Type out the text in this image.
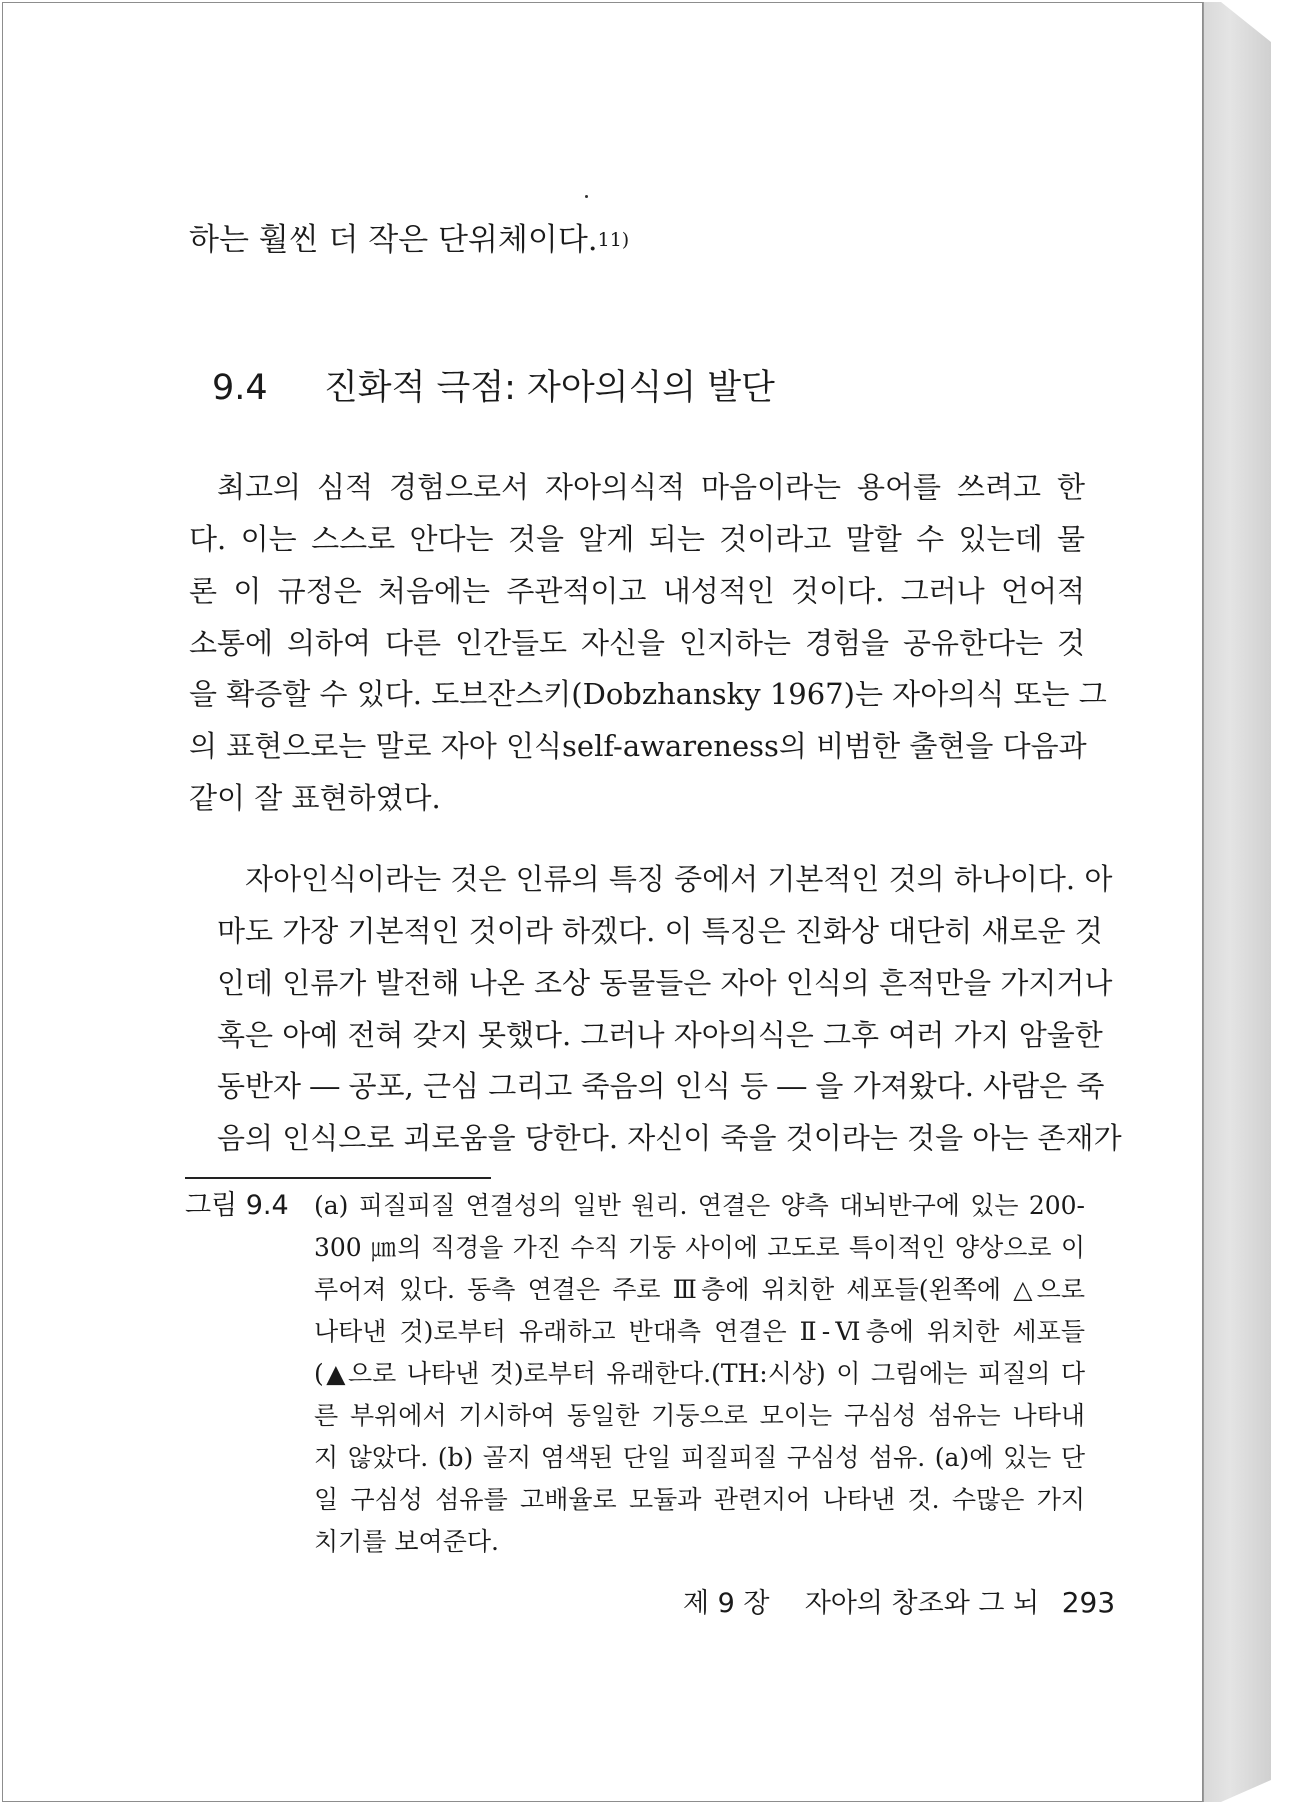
하는 훨씬 더 작은 단위체이다.$^{11)}$
9.4 진화적 극점: 자아의식의 발단
최고의 심적 경험으로서 자아의식적 마음이라는 용어를 쓰려고 한
다. 이는 스스로 안다는 것을 알게 되는 것이라고 말할 수 있는데 물
론 이 규정은 처음에는 주관적이고 내성적인 것이다. 그러나 언어적
소통에 의하여 다른 인간들도 자신을 인지하는 경험을 공유한다는 것
을 확증할 수 있다. 도브잔스키(Dobzhansky 1967)는 자아의식 또는 그
의 표현으로는 말로 자아 인식self-awareness의 비범한 출현을 다음과
같이 잘 표현하였다.
자아인식이라는 것은 인류의 특징 중에서 기본적인 것의 하나이다. 아
마도 가장 기본적인 것이라 하겠다. 이 특징은 진화상 대단히 새로운 것
인데 인류가 발전해 나온 조상 동물들은 자아 인식의 흔적만을 가지거나
혹은 아예 전혀 갖지 못했다. 그러나 자아의식은 그후 여러 가지 암울한
동반자 ― 공포, 근심 그리고 죽음의 인식 등 ― 을 가져왔다. 사람은 죽
음의 인식으로 괴로움을 당한다. 자신이 죽을 것이라는 것을 아는 존재가
그림 9.4 (a) 피질피질 연결성의 일반 원리. 연결은 양측 대뇌반구에 있는 200-
300 ㎛의 직경을 가진 수직 기둥 사이에 고도로 특이적인 양상으로 이
루어져 있다. 동측 연결은 주로 Ⅲ층에 위치한 세포들(왼쪽에 △으로
나타낸 것)로부터 유래하고 반대측 연결은 Ⅱ-Ⅵ층에 위치한 세포들
(▲으로 나타낸 것)로부터 유래한다.(TH:시상) 이 그림에는 피질의 다
른 부위에서 기시하여 동일한 기둥으로 모이는 구심성 섬유는 나타내
지 않았다. (b) 골지 염색된 단일 피질피질 구심성 섬유. (a)에 있는 단
일 구심성 섬유를 고배율로 모듈과 관련지어 나타낸 것. 수많은 가지
치기를 보여준다.
제 9 장 자아의 창조와 그 뇌 293
